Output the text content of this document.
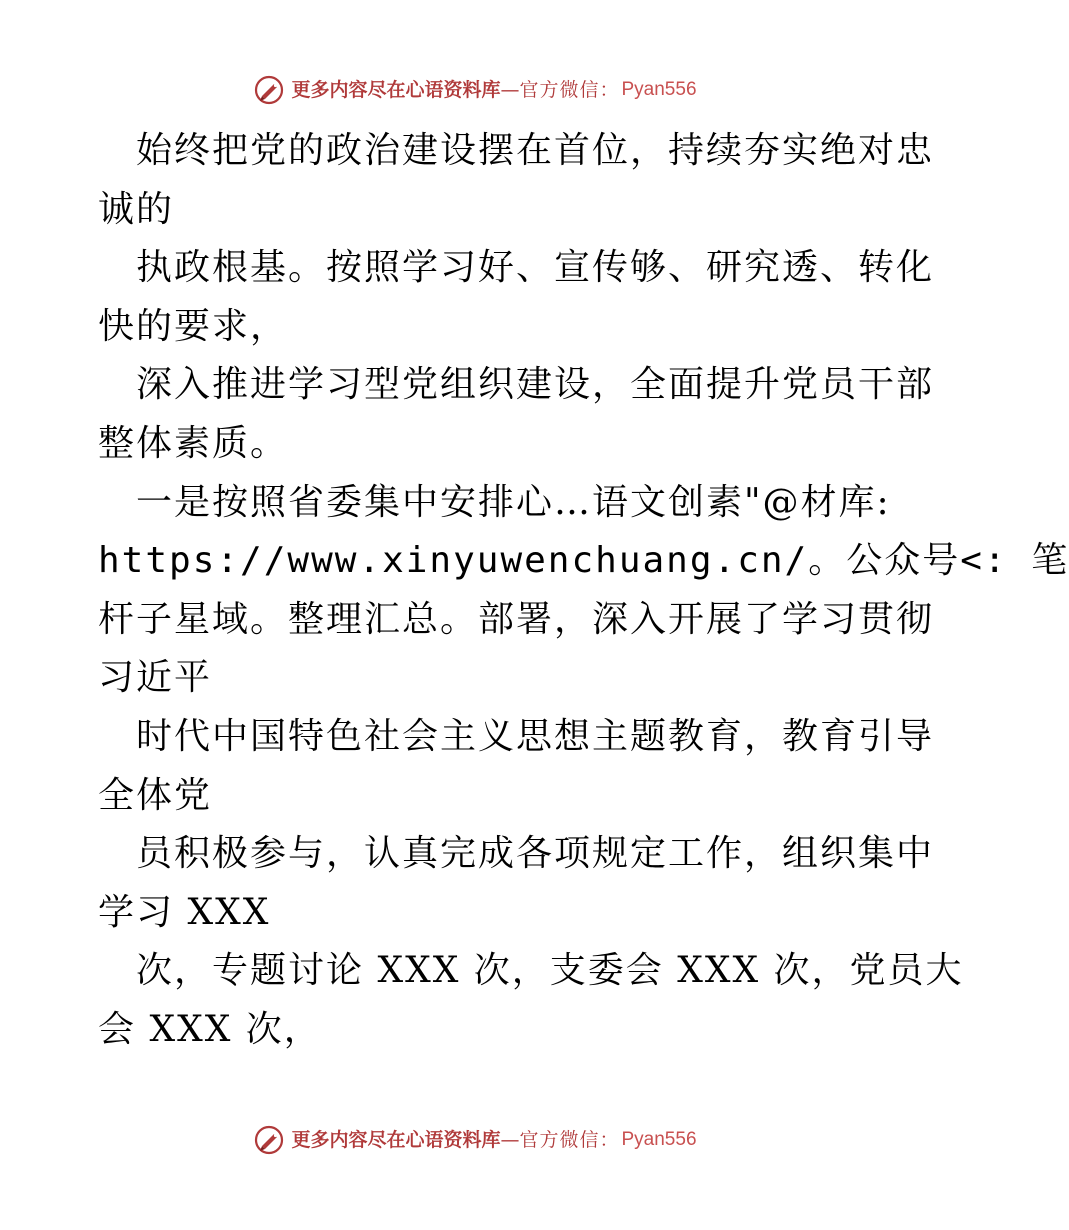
更多内容尽在心语资料库 — 官方微信： Pyan556
始终把党的政治建设摆在首位，持续夯实绝对忠
诚的
执政根基。按照学习好、宣传够、研究透、转化
快的要求，
深入推进学习型党组织建设，全面提升党员干部
整体素质。
一是按照省委集中安排心…语文创素"@材库:
https://www.xinyuwenchuang.cn/。公众号<: 笔
杆子星域。整理汇总。部署，深入开展了学习贯彻
习近平
时代中国特色社会主义思想主题教育，教育引导
全体党
员积极参与，认真完成各项规定工作，组织集中
学习 XXX
次，专题讨论 XXX 次，支委会 XXX 次，党员大
会 XXX 次，
更多内容尽在心语资料库 — 官方微信： Pyan556
